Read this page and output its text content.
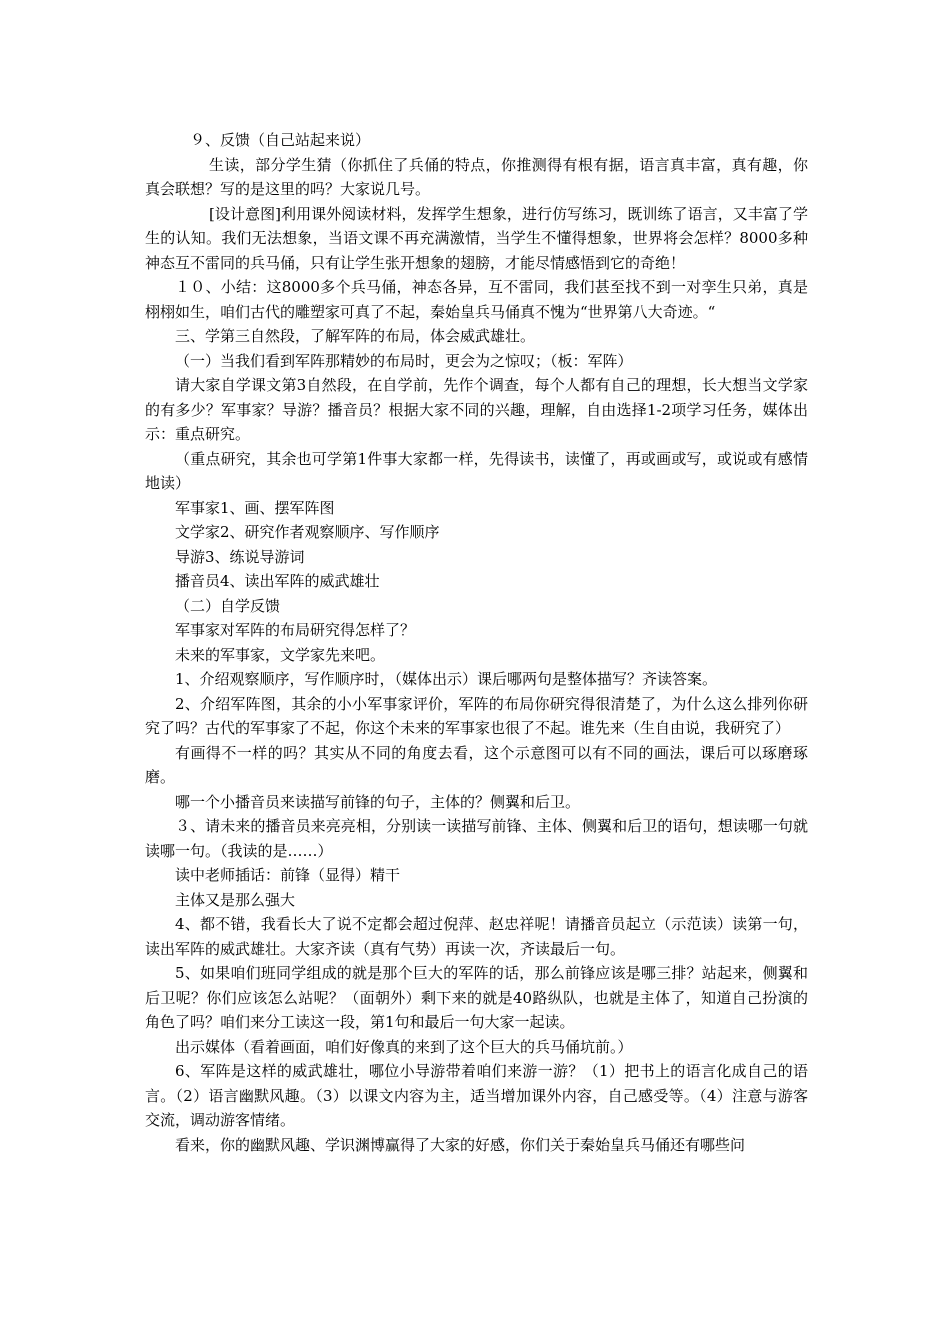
９、反馈（自己站起来说）

生读，部分学生猜（你抓住了兵俑的特点，你推测得有根有据，语言真丰富，真有趣，你真会联想？写的是这里的吗？大家说几号。

[设计意图]利用课外阅读材料，发挥学生想象，进行仿写练习，既训练了语言，又丰富了学生的认知。我们无法想象，当语文课不再充满激情，当学生不懂得想象，世界将会怎样？8000多种神态互不雷同的兵马俑，只有让学生张开想象的翅膀，才能尽情感悟到它的奇绝！

１０、小结：这8000多个兵马俑，神态各异，互不雷同，我们甚至找不到一对孪生只弟，真是栩栩如生，咱们古代的雕塑家可真了不起，秦始皇兵马俑真不愧为“世界第八大奇迹。“

三、学第三自然段，了解军阵的布局，体会威武雄壮。

（一）当我们看到军阵那精妙的布局时，更会为之惊叹；（板：军阵）

请大家自学课文第3自然段，在自学前，先作个调查，每个人都有自己的理想，长大想当文学家的有多少？军事家？导游？播音员？根据大家不同的兴趣，理解，自由选择1-2项学习任务，媒体出示：重点研究。

（重点研究，其余也可学第1件事大家都一样，先得读书，读懂了，再或画或写，或说或有感情地读）

军事家1、画、摆军阵图

文学家2、研究作者观察顺序、写作顺序

导游3、练说导游词

播音员4、读出军阵的威武雄壮

（二）自学反馈

军事家对军阵的布局研究得怎样了？

未来的军事家，文学家先来吧。

1、介绍观察顺序，写作顺序时，（媒体出示）课后哪两句是整体描写？齐读答案。

2、介绍军阵图，其余的小小军事家评价，军阵的布局你研究得很清楚了，为什么这么排列你研究了吗？古代的军事家了不起，你这个未来的军事家也很了不起。谁先来（生自由说，我研究了）

有画得不一样的吗？其实从不同的角度去看，这个示意图可以有不同的画法，课后可以琢磨琢磨。

哪一个小播音员来读描写前锋的句子，主体的？侧翼和后卫。

３、请未来的播音员来亮亮相，分别读一读描写前锋、主体、侧翼和后卫的语句，想读哪一句就读哪一句。（我读的是……）

读中老师插话：前锋（显得）精干

主体又是那么强大

4、都不错，我看长大了说不定都会超过倪萍、赵忠祥呢！请播音员起立（示范读）读第一句，读出军阵的威武雄壮。大家齐读（真有气势）再读一次，齐读最后一句。

5、如果咱们班同学组成的就是那个巨大的军阵的话，那么前锋应该是哪三排？站起来，侧翼和后卫呢？你们应该怎么站呢？（面朝外）剩下来的就是40路纵队，也就是主体了，知道自己扮演的角色了吗？咱们来分工读这一段，第1句和最后一句大家一起读。

出示媒体（看着画面，咱们好像真的来到了这个巨大的兵马俑坑前。）

6、军阵是这样的威武雄壮，哪位小导游带着咱们来游一游？（1）把书上的语言化成自己的语言。（2）语言幽默风趣。（3）以课文内容为主，适当增加课外内容，自己感受等。（4）注意与游客交流，调动游客情绪。

看来，你的幽默风趣、学识渊博赢得了大家的好感，你们关于秦始皇兵马俑还有哪些问
